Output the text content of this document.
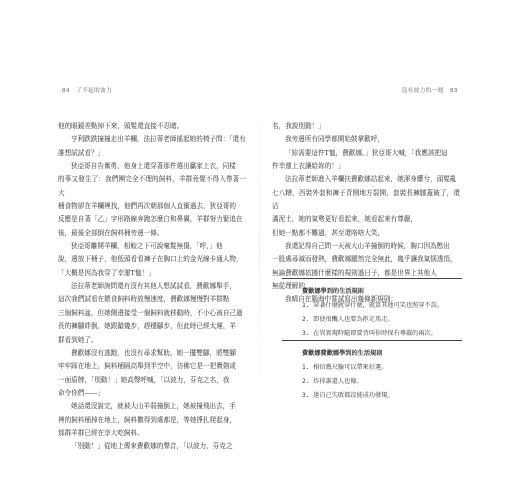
84 了不起的波力	沒有波力的一週 85

他的眼鏡差點掉下來，頭髮還直接不忍睹。

亨利跌跌撞撞走出羊欄，法拉蒂老師搖起她的椅子問：「還有

誰想試試看？」

狄亞哥自告奮勇，他身上還穿著那件選出贏家上衣，同樣

的事又發生了：我們團完全不理的飼料，羊群竟覺不得入帶著一大

桶食物卻在羊欄裡找，他們再次朝那個人直衝過去，狄亞哥的

反應是自著「乙」字形路線奔跑怎麼白和鼻翼，羊群努力緊追在

後，最後全部倒在飼料桶旁邊一條。

狄亞哥離開羊欄，相較之下可說毫髮無傷，「呼，」他

說，邊放下桶子，他低頭看看褲子在胸口上的金光線卡通人物，

「大概是因為我穿了幸運T恤！」

法拉蒂老師詢問還有沒有其他人想試試看，費歡娜舉手，

這次我們試看在餵食飼料時放慢速度，費歡娜慢慢對羊群點

三個飼料盆，但她側邊接受一個飼料就移動時，不小心被自己過

長的褲腳絆倒，她跟蹌幾步，趕穩腳步，但此時已經太遲，羊

群看到她了。

費歡娜沒有逃跑，也沒有尋求幫助，她一擺雙腳，將雙腳

牢牢踩在地上，飼料桶隔高舉到半空中，彷佛它是一把寶劍或

一面盾牌，「別動！」她高聲呼喊，「以波力，芬克之名，我

命令你們——」

她話還沒說完，就被大山羊弱撞倒上，她被撞飛出去，手

裡的飼料桶掉在地上，飼料撒得到處都是，等她掙扎爬起身，

那群羊群已經在享大吃飼料。

「別動！」從地上傳來費歡娜的聲音，「以波力，芬克之

名，我說別動！」

我旁邊所有同學都開始鼓掌歡呼，

「妳需要這件T恤，費歡娜，」狄亞哥大喊，「我應該把這

件幸運上衣讓給妳的！」

法拉蒂老師進入羊欄扶費歡娜站起來，她渾身髒兮，頭髮亂

七八糟，西裝外套和褲子背側地方裂開，套裝長褲膝蓋破了，還沾

滿泥土，她的氣勢更好看起來，她看起來有尊嚴，

但她一點都不難過，甚至還咯咯大笑，

我還記得自己問一天被大山羊撞倒的時候，胸口因為憋出

一股處尋滅而發熱，費歡娜顯然完全無此，幾乎讓我氣惱透頂，

無論費歡娜依據什麼樣的規則過日子，都是世界上其他人

無從理解的，

我晴自在腦海中嘗試寫出幾條新規則：

費歡娜學到的生活規則
1. 穿著什麼就穿什麼，就算其他可笑也照穿不誤。
2. 即使很醜人也要為拒走馬走。
3. 在異實現時隨即要背叫你時保有尊嚴的兩次。
費歡娜費歡娜學到的生活規則
1. 相信幾尺驗可以帶來好運。
2. 炸掉誰還人也像。
3. 逢自己失敗都沒能成功發現。
